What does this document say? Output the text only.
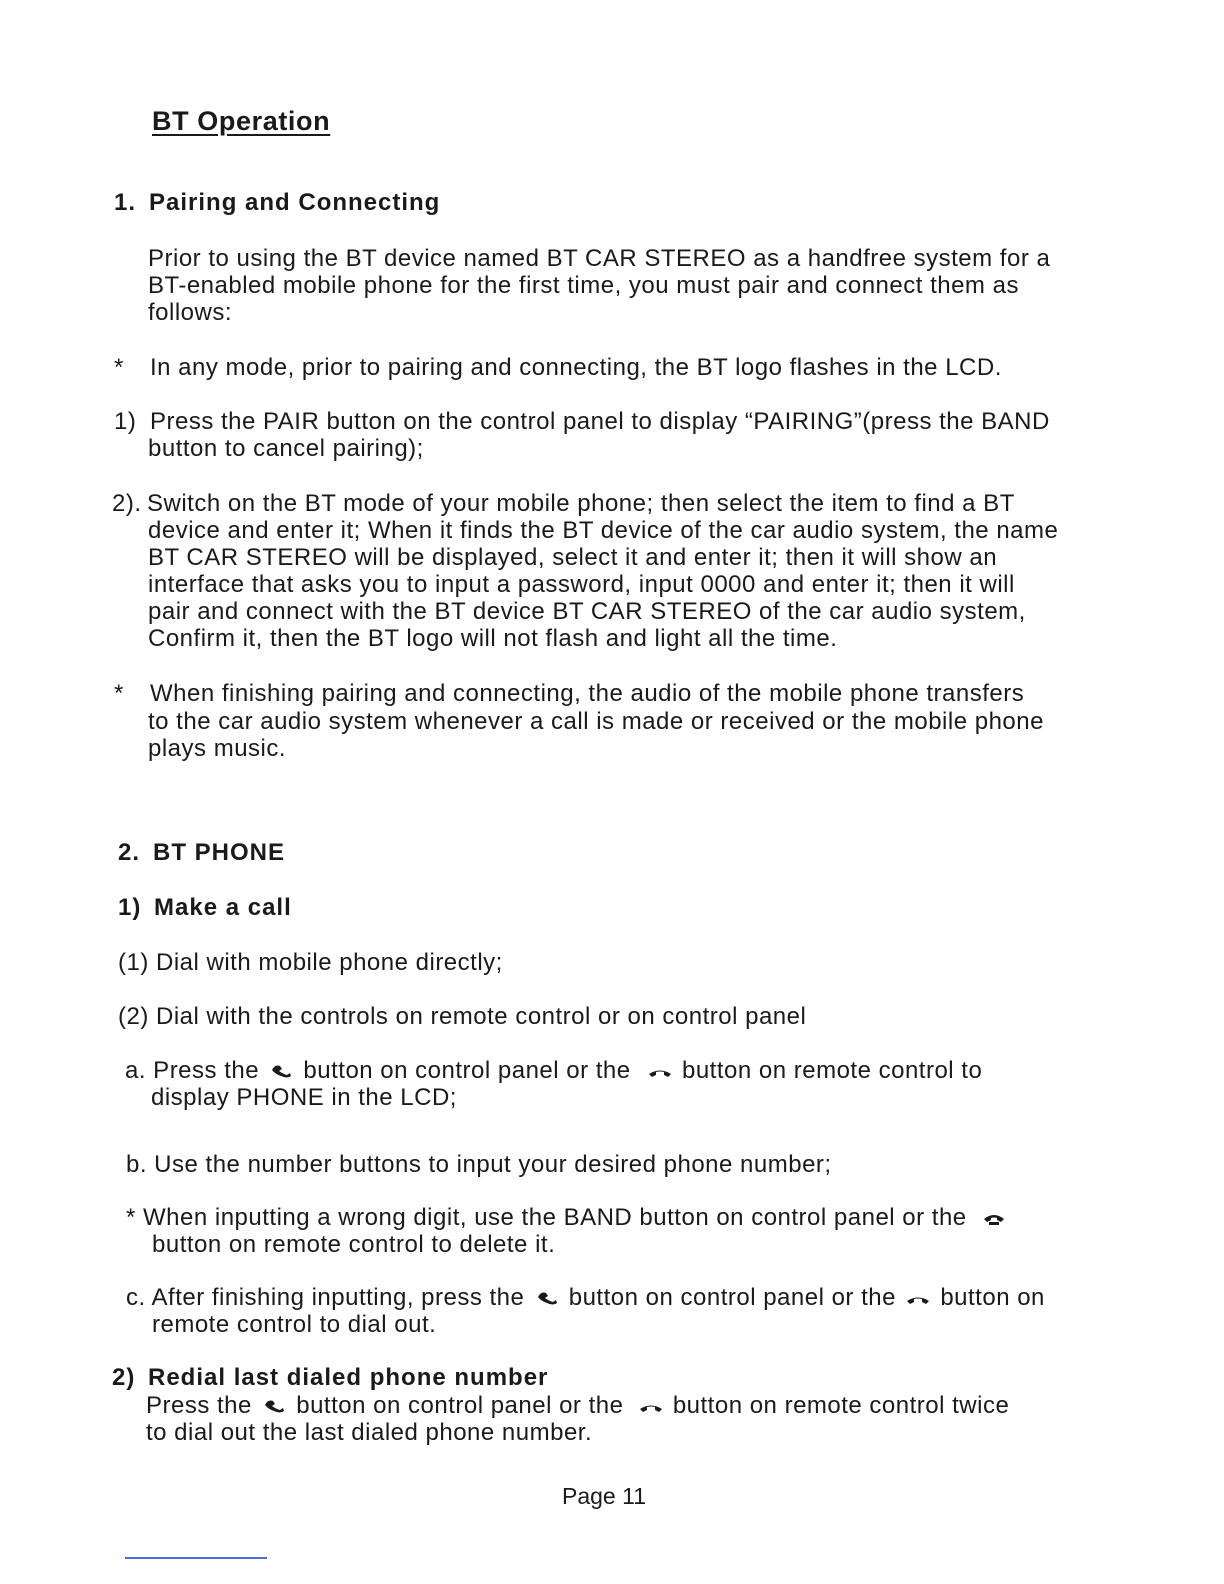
BT Operation
1. Pairing and Connecting
Prior to using the BT device named BT CAR STEREO as a handfree system for a
BT-enabled mobile phone for the first time, you must pair and connect them as
follows:
* In any mode, prior to pairing and connecting, the BT logo flashes in the LCD.
1) Press the PAIR button on the control panel to display “PAIRING”(press the BAND
button to cancel pairing);
2). Switch on the BT mode of your mobile phone; then select the item to find a BT
device and enter it; When it finds the BT device of the car audio system, the name
BT CAR STEREO will be displayed, select it and enter it; then it will show an
interface that asks you to input a password, input 0000 and enter it; then it will
pair and connect with the BT device BT CAR STEREO of the car audio system,
Confirm it, then the BT logo will not flash and light all the time.
* When finishing pairing and connecting, the audio of the mobile phone transfers
to the car audio system whenever a call is made or received or the mobile phone
plays music.
2. BT PHONE
1) Make a call
(1) Dial with mobile phone directly;
(2) Dial with the controls on remote control or on control panel
a. Press the button on control panel or the button on remote control to
display PHONE in the LCD;
b. Use the number buttons to input your desired phone number;
* When inputting a wrong digit, use the BAND button on control panel or the
button on remote control to delete it.
c. After finishing inputting, press the button on control panel or the button on
remote control to dial out.
2) Redial last dialed phone number
Press the button on control panel or the button on remote control twice
to dial out the last dialed phone number.
Page 11
